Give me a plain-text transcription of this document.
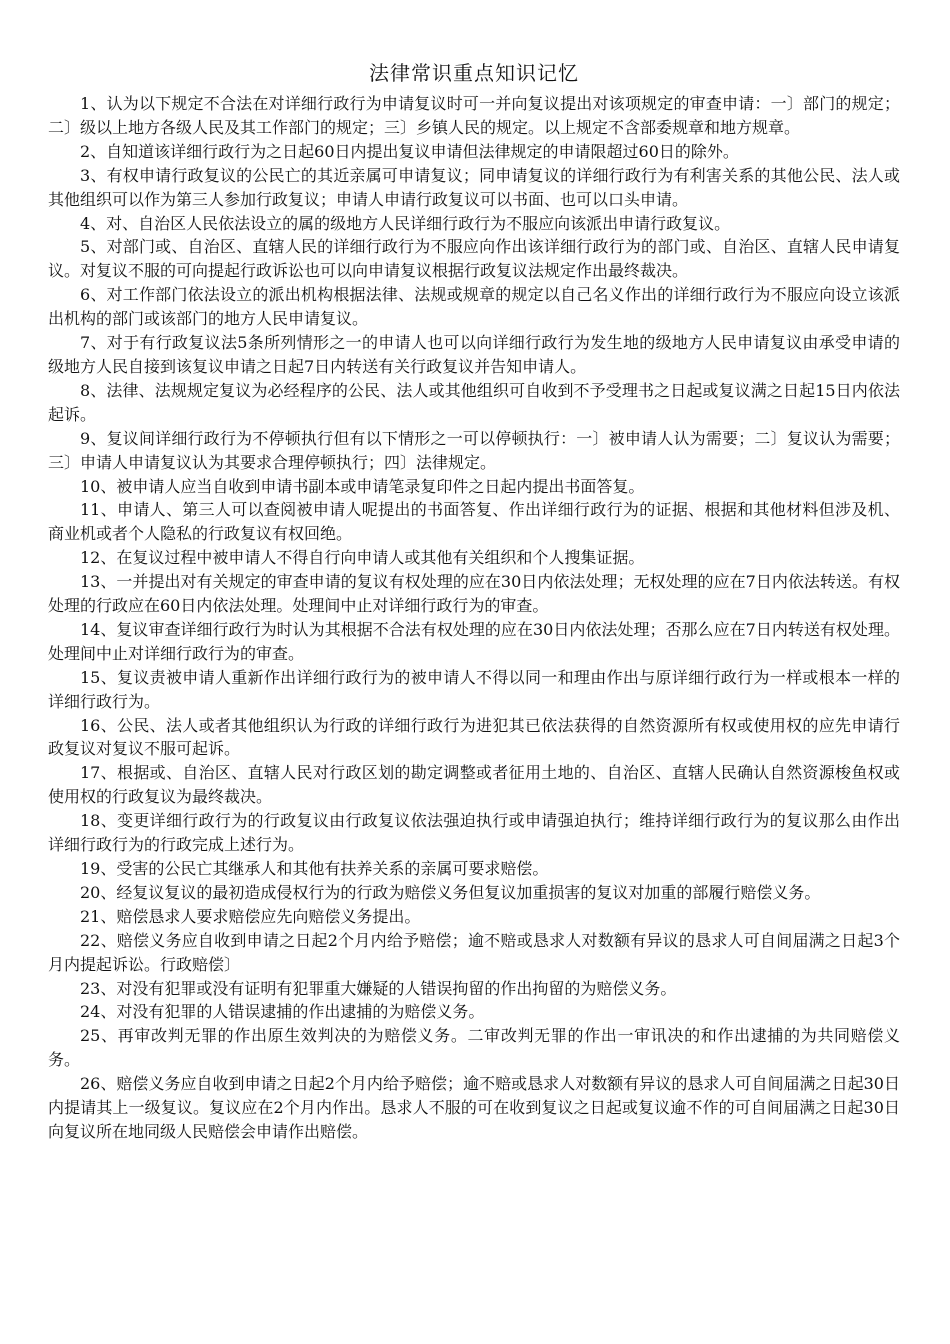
法律常识重点知识记忆

1、认为以下规定不合法在对详细行政行为申请复议时可一并向复议提出对该项规定的审查申请：一〕部门的规定；二〕级以上地方各级人民及其工作部门的规定；三〕乡镇人民的规定。以上规定不含部委规章和地方规章。

2、自知道该详细行政行为之日起60日内提出复议申请但法律规定的申请限超过60日的除外。

3、有权申请行政复议的公民亡的其近亲属可申请复议；同申请复议的详细行政行为有利害关系的其他公民、法人或其他组织可以作为第三人参加行政复议；申请人申请行政复议可以书面、也可以口头申请。

4、对、自治区人民依法设立的属的级地方人民详细行政行为不服应向该派出申请行政复议。

5、对部门或、自治区、直辖人民的详细行政行为不服应向作出该详细行政行为的部门或、自治区、直辖人民申请复议。对复议不服的可向提起行政诉讼也可以向申请复议根据行政复议法规定作出最终裁决。

6、对工作部门依法设立的派出机构根据法律、法规或规章的规定以自己名义作出的详细行政行为不服应向设立该派出机构的部门或该部门的地方人民申请复议。

7、对于有行政复议法5条所列情形之一的申请人也可以向详细行政行为发生地的级地方人民申请复议由承受申请的级地方人民自接到该复议申请之日起7日内转送有关行政复议并告知申请人。

8、法律、法规规定复议为必经程序的公民、法人或其他组织可自收到不予受理书之日起或复议满之日起15日内依法起诉。

9、复议间详细行政行为不停顿执行但有以下情形之一可以停顿执行：一〕被申请人认为需要；二〕复议认为需要；三〕申请人申请复议认为其要求合理停顿执行；四〕法律规定。

10、被申请人应当自收到申请书副本或申请笔录复印件之日起内提出书面答复。

11、申请人、第三人可以查阅被申请人呢提出的书面答复、作出详细行政行为的证据、根据和其他材料但涉及机、商业机或者个人隐私的行政复议有权回绝。

12、在复议过程中被申请人不得自行向申请人或其他有关组织和个人搜集证据。

13、一并提出对有关规定的审查申请的复议有权处理的应在30日内依法处理；无权处理的应在7日内依法转送。有权处理的行政应在60日内依法处理。处理间中止对详细行政行为的审查。

14、复议审查详细行政行为时认为其根据不合法有权处理的应在30日内依法处理；否那么应在7日内转送有权处理。处理间中止对详细行政行为的审查。

15、复议责被申请人重新作出详细行政行为的被申请人不得以同一和理由作出与原详细行政行为一样或根本一样的详细行政行为。

16、公民、法人或者其他组织认为行政的详细行政行为进犯其已依法获得的自然资源所有权或使用权的应先申请行政复议对复议不服可起诉。

17、根据或、自治区、直辖人民对行政区划的勘定调整或者征用土地的、自治区、直辖人民确认自然资源梭鱼权或使用权的行政复议为最终裁决。

18、变更详细行政行为的行政复议由行政复议依法强迫执行或申请强迫执行；维持详细行政行为的复议那么由作出详细行政行为的行政完成上述行为。

19、受害的公民亡其继承人和其他有扶养关系的亲属可要求赔偿。

20、经复议复议的最初造成侵权行为的行政为赔偿义务但复议加重损害的复议对加重的部履行赔偿义务。

21、赔偿恳求人要求赔偿应先向赔偿义务提出。

22、赔偿义务应自收到申请之日起2个月内给予赔偿；逾不赔或恳求人对数额有异议的恳求人可自间届满之日起3个月内提起诉讼。行政赔偿〕

23、对没有犯罪或没有证明有犯罪重大嫌疑的人错误拘留的作出拘留的为赔偿义务。

24、对没有犯罪的人错误逮捕的作出逮捕的为赔偿义务。

25、再审改判无罪的作出原生效判决的为赔偿义务。二审改判无罪的作出一审讯决的和作出逮捕的为共同赔偿义务。

26、赔偿义务应自收到申请之日起2个月内给予赔偿；逾不赔或恳求人对数额有异议的恳求人可自间届满之日起30日内提请其上一级复议。复议应在2个月内作出。恳求人不服的可在收到复议之日起或复议逾不作的可自间届满之日起30日向复议所在地同级人民赔偿会申请作出赔偿。
